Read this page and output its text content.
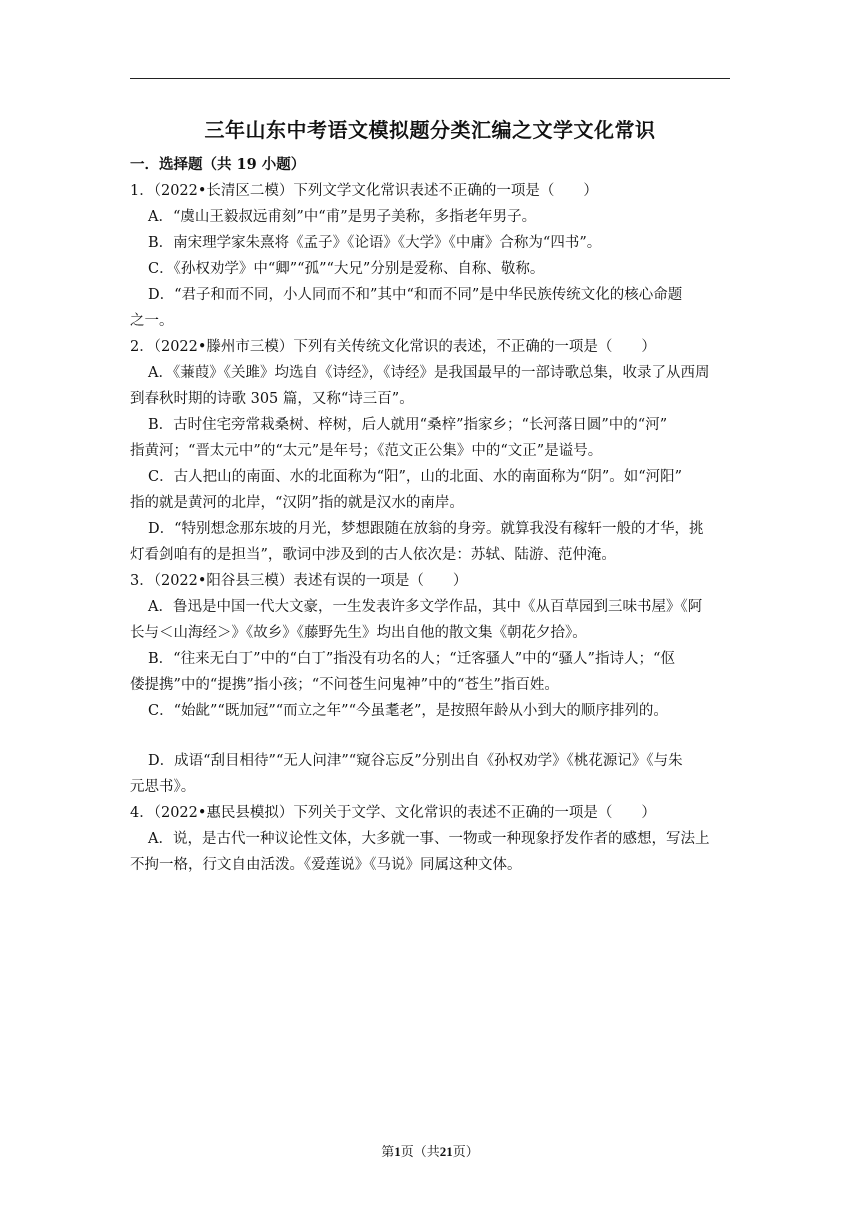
三年山东中考语文模拟题分类汇编之文学文化常识
一．选择题（共 19 小题）
1．（2022•长清区二模）下列文学文化常识表述不正确的一项是（　　）
A．“虞山王毅叔远甫刻”中“甫”是男子美称，多指老年男子。
B．南宋理学家朱熹将《孟子》《论语》《大学》《中庸》合称为“四书”。
C．《孙权劝学》中“卿”“孤”“大兄”分别是爱称、自称、敬称。
D．“君子和而不同，小人同而不和”其中“和而不同”是中华民族传统文化的核心命题
之一。
2．（2022•滕州市三模）下列有关传统文化常识的表述，不正确的一项是（　　）
A．《蒹葭》《关雎》均选自《诗经》，《诗经》是我国最早的一部诗歌总集，收录了从西周
到春秋时期的诗歌 305 篇，又称“诗三百”。
B．古时住宅旁常栽桑树、梓树，后人就用“桑梓”指家乡；“长河落日圆”中的“河”
指黄河；“晋太元中”的“太元”是年号；《范文正公集》中的“文正”是谥号。
C．古人把山的南面、水的北面称为“阳”，山的北面、水的南面称为“阴”。如“河阳”
指的就是黄河的北岸，“汉阴”指的就是汉水的南岸。
D．“特别想念那东坡的月光，梦想跟随在放翁的身旁。就算我没有稼轩一般的才华，挑
灯看剑咱有的是担当”，歌词中涉及到的古人依次是：苏轼、陆游、范仲淹。
3．（2022•阳谷县三模）表述有误的一项是（　　）
A．鲁迅是中国一代大文豪，一生发表许多文学作品，其中《从百草园到三味书屋》《阿
长与＜山海经＞》《故乡》《藤野先生》均出自他的散文集《朝花夕拾》。
B．“往来无白丁”中的“白丁”指没有功名的人；“迁客骚人”中的“骚人”指诗人；“伛
偻提携”中的“提携”指小孩；“不问苍生问鬼神”中的“苍生”指百姓。
C．“始龀”“既加冠”“而立之年”“今虽耄老”，是按照年龄从小到大的顺序排列的。
D．成语“刮目相待”“无人问津”“窥谷忘反”分别出自《孙权劝学》《桃花源记》《与朱
元思书》。
4．（2022•惠民县模拟）下列关于文学、文化常识的表述不正确的一项是（　　）
A．说，是古代一种议论性文体，大多就一事、一物或一种现象抒发作者的感想，写法上
不拘一格，行文自由活泼。《爱莲说》《马说》同属这种文体。
第1页（共21页）
